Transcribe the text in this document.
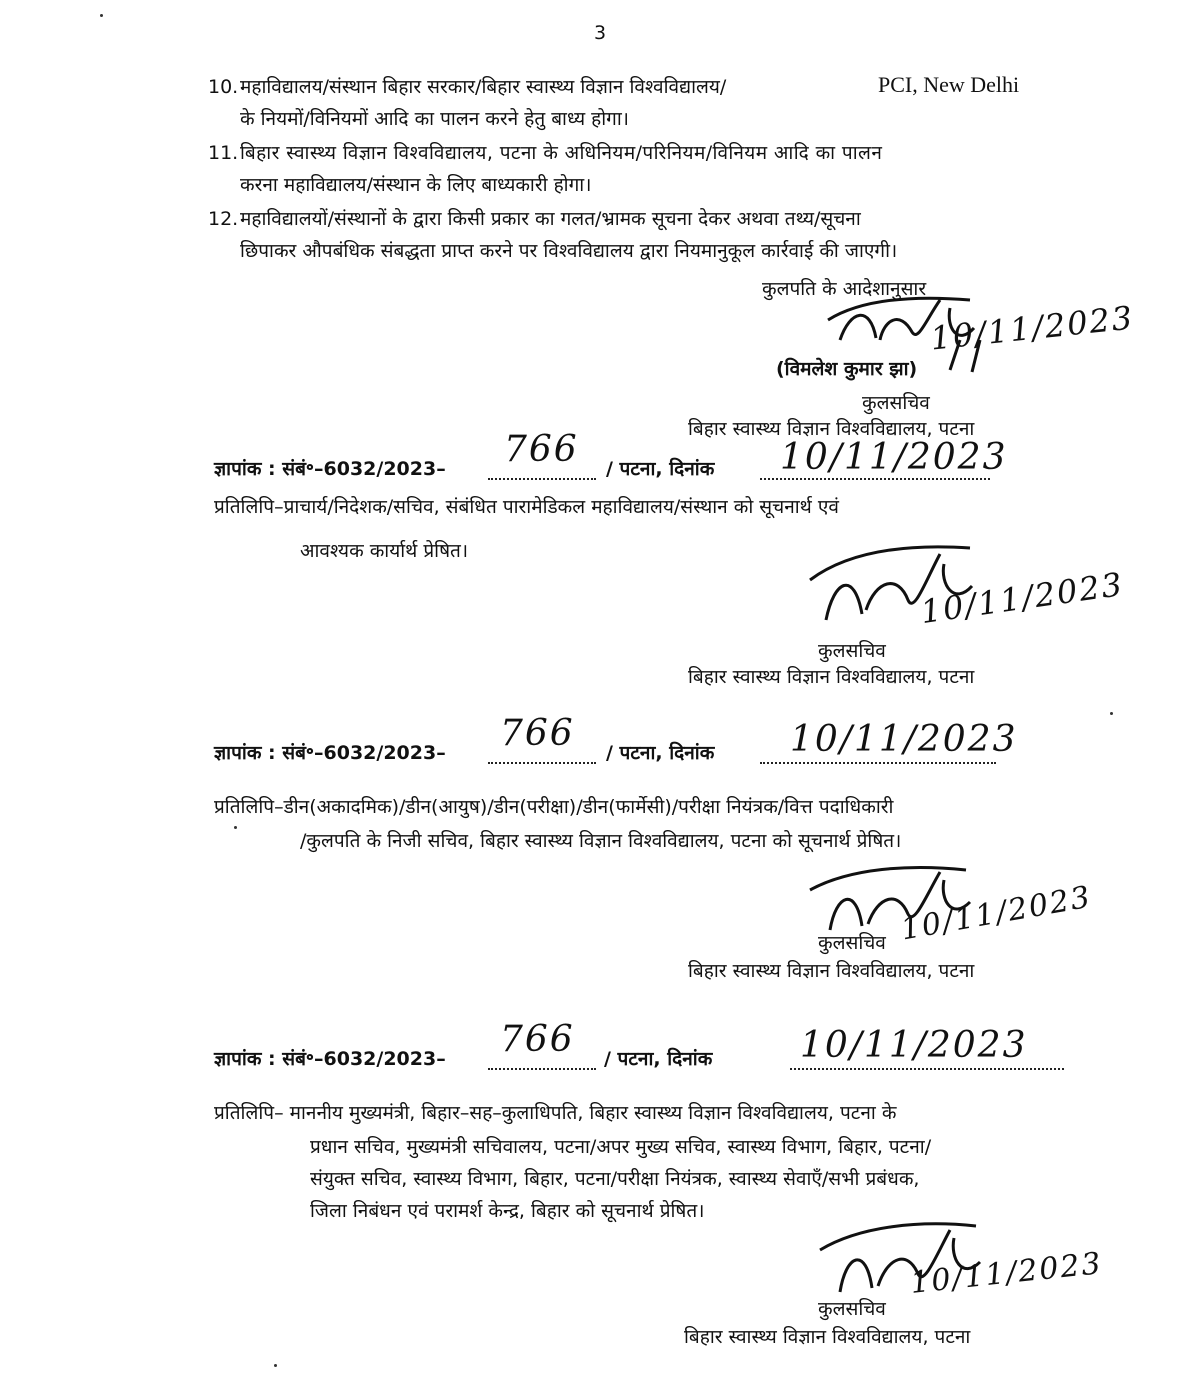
3
10. महाविद्यालय/संस्थान बिहार सरकार/बिहार स्वास्थ्य विज्ञान विश्वविद्यालय/	PCI, New Delhi
के नियमों/विनियमों आदि का पालन करने हेतु बाध्य होगा।
11. बिहार स्वास्थ्य विज्ञान विश्वविद्यालय, पटना के अधिनियम/परिनियम/विनियम आदि का पालन
करना महाविद्यालय/संस्थान के लिए बाध्यकारी होगा।
12. महाविद्यालयों/संस्थानों के द्वारा किसी प्रकार का गलत/भ्रामक सूचना देकर अथवा तथ्य/सूचना
छिपाकर औपबंधिक संबद्धता प्राप्त करने पर विश्वविद्यालय द्वारा नियमानुकूल कार्रवाई की जाएगी।
कुलपति के आदेशानुसार
10/11/2023
(विमलेश कुमार झा)
कुलसचिव
बिहार स्वास्थ्य विज्ञान विश्वविद्यालय, पटना
ज्ञापांक : संबं॰–6032/2023– 766 / पटना, दिनांक 10/11/2023
प्रतिलिपि–प्राचार्य/निदेशक/सचिव, संबंधित पारामेडिकल महाविद्यालय/संस्थान को सूचनार्थ एवं
आवश्यक कार्यार्थ प्रेषित।
10/11/2023
कुलसचिव
बिहार स्वास्थ्य विज्ञान विश्वविद्यालय, पटना
ज्ञापांक : संबं॰–6032/2023– 766 / पटना, दिनांक 10/11/2023
प्रतिलिपि–डीन(अकादमिक)/डीन(आयुष)/डीन(परीक्षा)/डीन(फार्मेसी)/परीक्षा नियंत्रक/वित्त पदाधिकारी
/कुलपति के निजी सचिव, बिहार स्वास्थ्य विज्ञान विश्वविद्यालय, पटना को सूचनार्थ प्रेषित।
10/11/2023
कुलसचिव
बिहार स्वास्थ्य विज्ञान विश्वविद्यालय, पटना
ज्ञापांक : संबं॰–6032/2023– 766 / पटना, दिनांक 10/11/2023
प्रतिलिपि– माननीय मुख्यमंत्री, बिहार–सह–कुलाधिपति, बिहार स्वास्थ्य विज्ञान विश्वविद्यालय, पटना के
प्रधान सचिव, मुख्यमंत्री सचिवालय, पटना/अपर मुख्य सचिव, स्वास्थ्य विभाग, बिहार, पटना/
संयुक्त सचिव, स्वास्थ्य विभाग, बिहार, पटना/परीक्षा नियंत्रक, स्वास्थ्य सेवाएँ/सभी प्रबंधक,
जिला निबंधन एवं परामर्श केन्द्र, बिहार को सूचनार्थ प्रेषित।
10/11/2023
कुलसचिव
बिहार स्वास्थ्य विज्ञान विश्वविद्यालय, पटना
